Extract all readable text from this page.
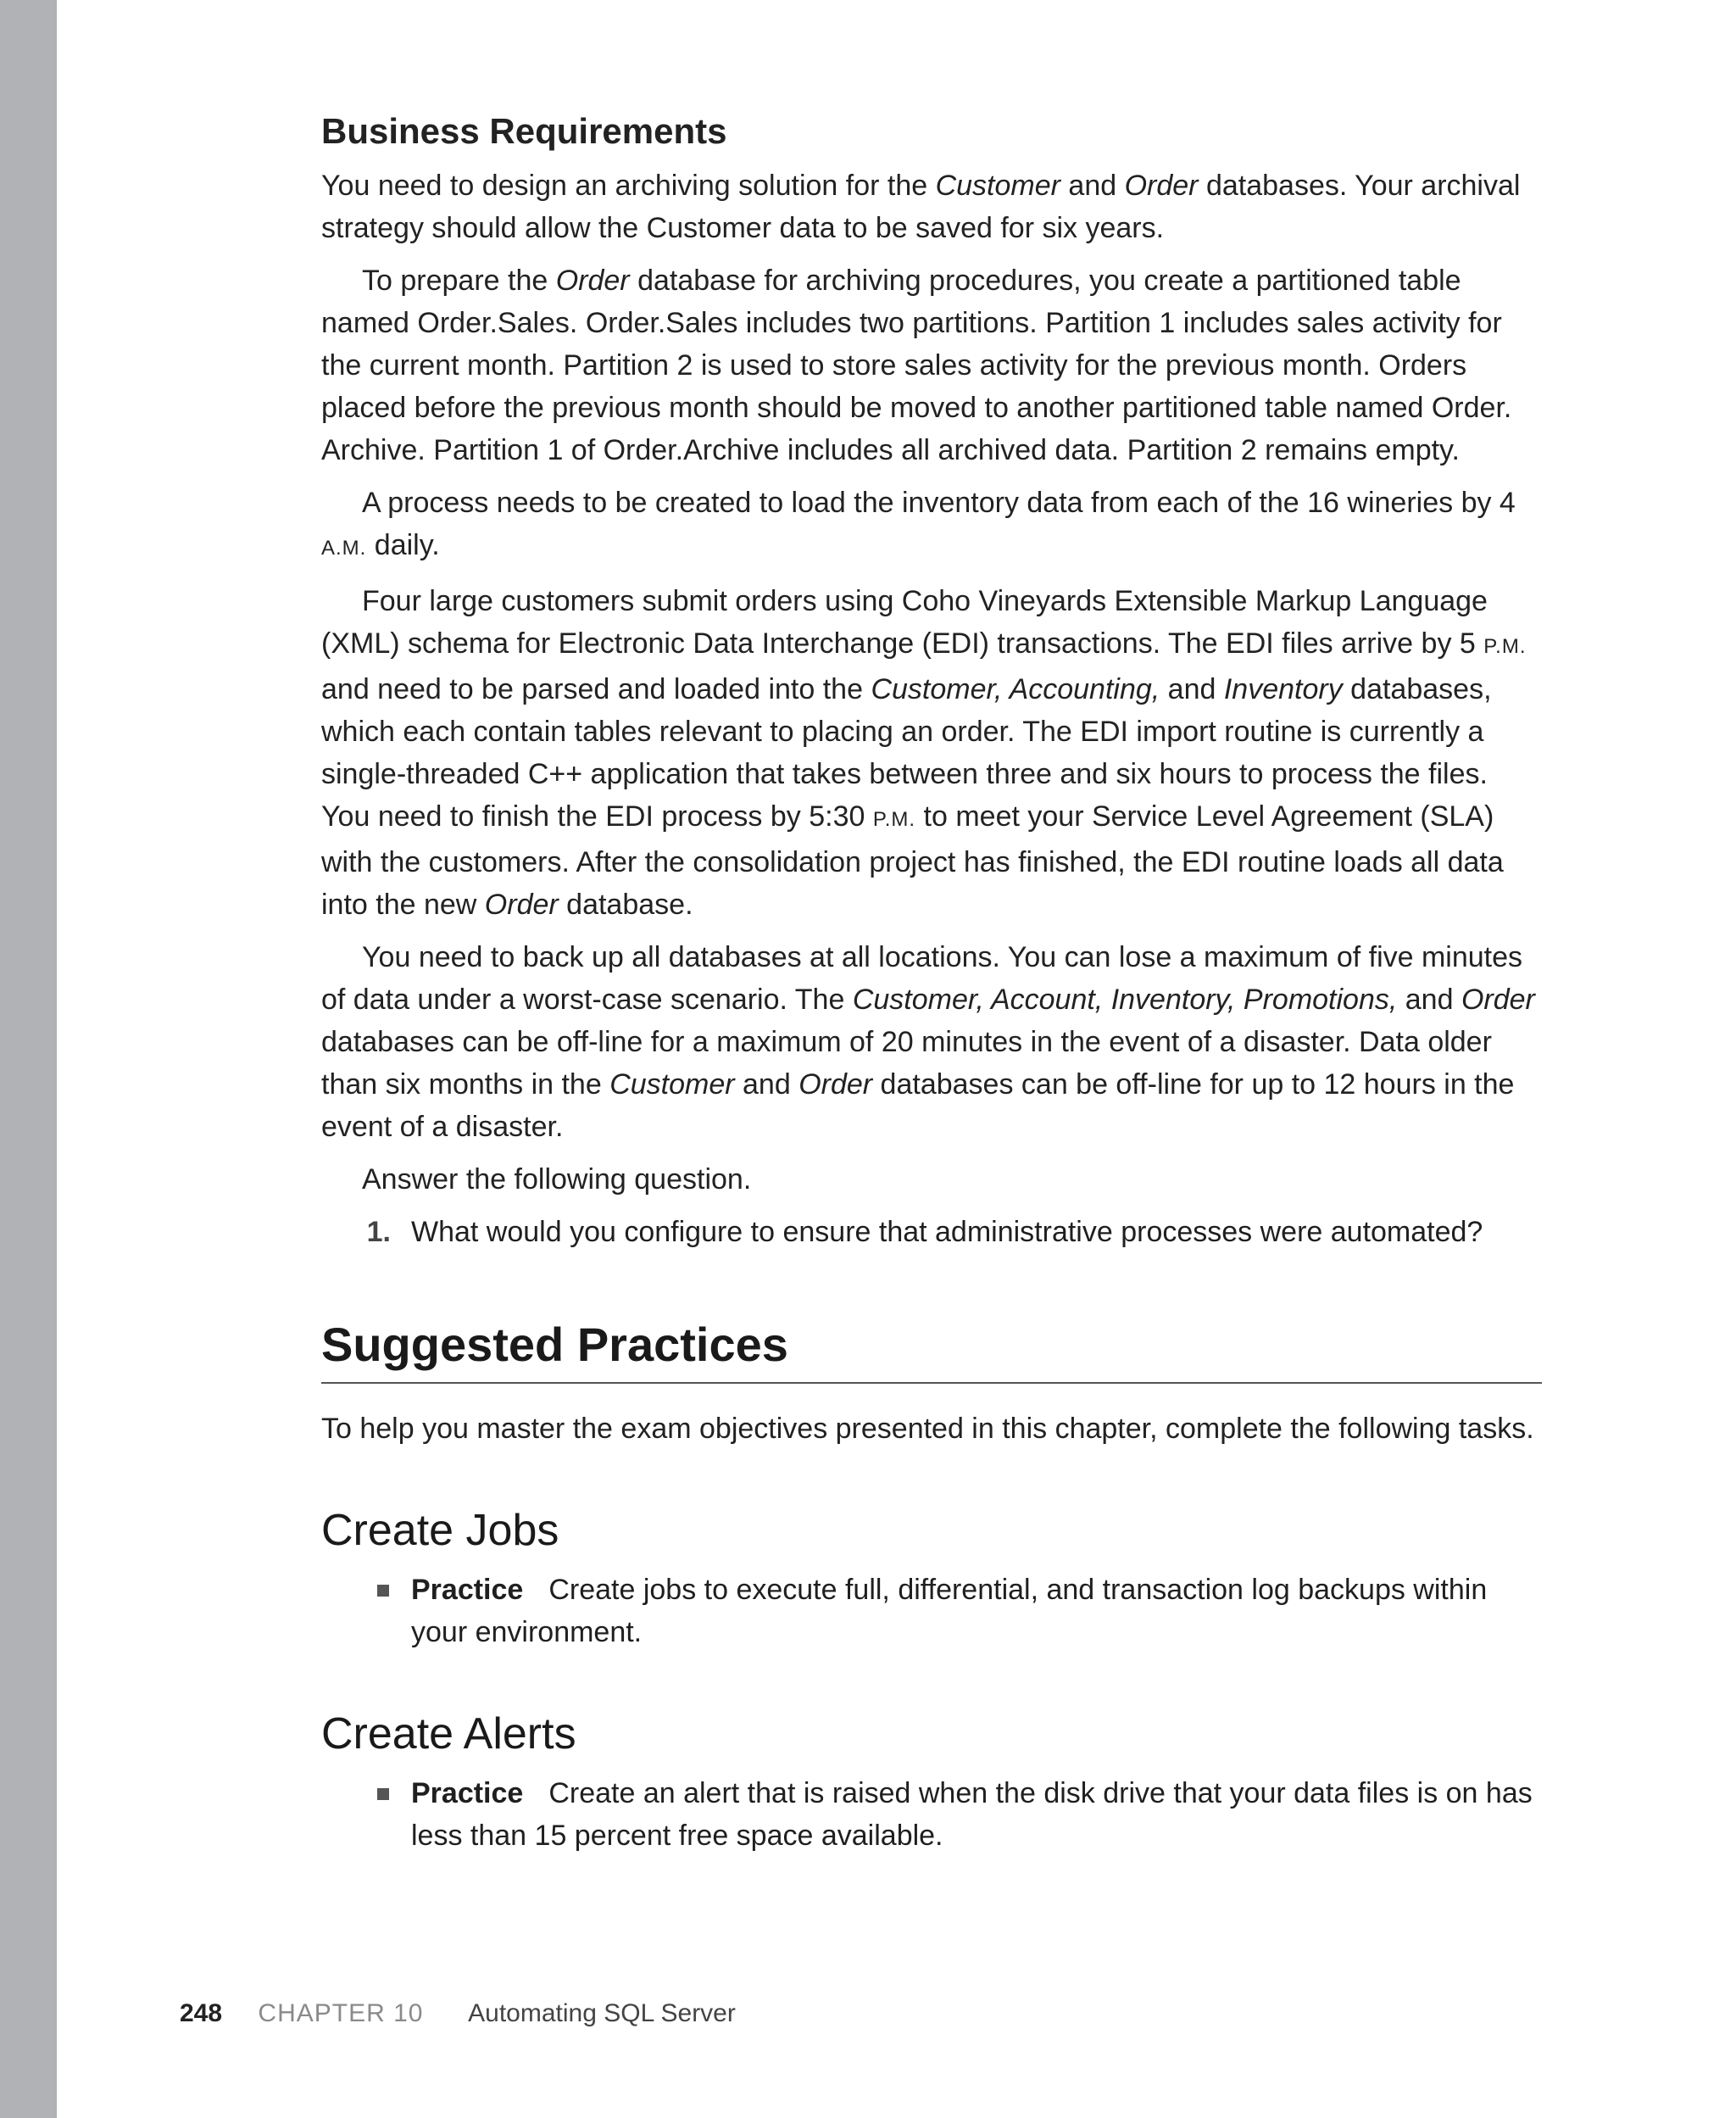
Business Requirements

You need to design an archiving solution for the Customer and Order databases. Your archival strategy should allow the Customer data to be saved for six years.

To prepare the Order database for archiving procedures, you create a partitioned table named Order.Sales. Order.Sales includes two partitions. Partition 1 includes sales activity for the current month. Partition 2 is used to store sales activity for the previous month. Orders placed before the previous month should be moved to another partitioned table named Order. Archive. Partition 1 of Order.Archive includes all archived data. Partition 2 remains empty.

A process needs to be created to load the inventory data from each of the 16 wineries by 4 A.M. daily.

Four large customers submit orders using Coho Vineyards Extensible Markup Language (XML) schema for Electronic Data Interchange (EDI) transactions. The EDI files arrive by 5 P.M. and need to be parsed and loaded into the Customer, Accounting, and Inventory databases, which each contain tables relevant to placing an order. The EDI import routine is currently a single-threaded C++ application that takes between three and six hours to process the files. You need to finish the EDI process by 5:30 P.M. to meet your Service Level Agreement (SLA) with the customers. After the consolidation project has finished, the EDI routine loads all data into the new Order database.

You need to back up all databases at all locations. You can lose a maximum of five minutes of data under a worst-case scenario. The Customer, Account, Inventory, Promotions, and Order databases can be off-line for a maximum of 20 minutes in the event of a disaster. Data older than six months in the Customer and Order databases can be off-line for up to 12 hours in the event of a disaster.

Answer the following question.

1. What would you configure to ensure that administrative processes were automated?
Suggested Practices

To help you master the exam objectives presented in this chapter, complete the following tasks.

Create Jobs
Practice Create jobs to execute full, differential, and transaction log backups within your environment.
Create Alerts
Practice Create an alert that is raised when the disk drive that your data files is on has less than 15 percent free space available.
248 CHAPTER 10 Automating SQL Server
